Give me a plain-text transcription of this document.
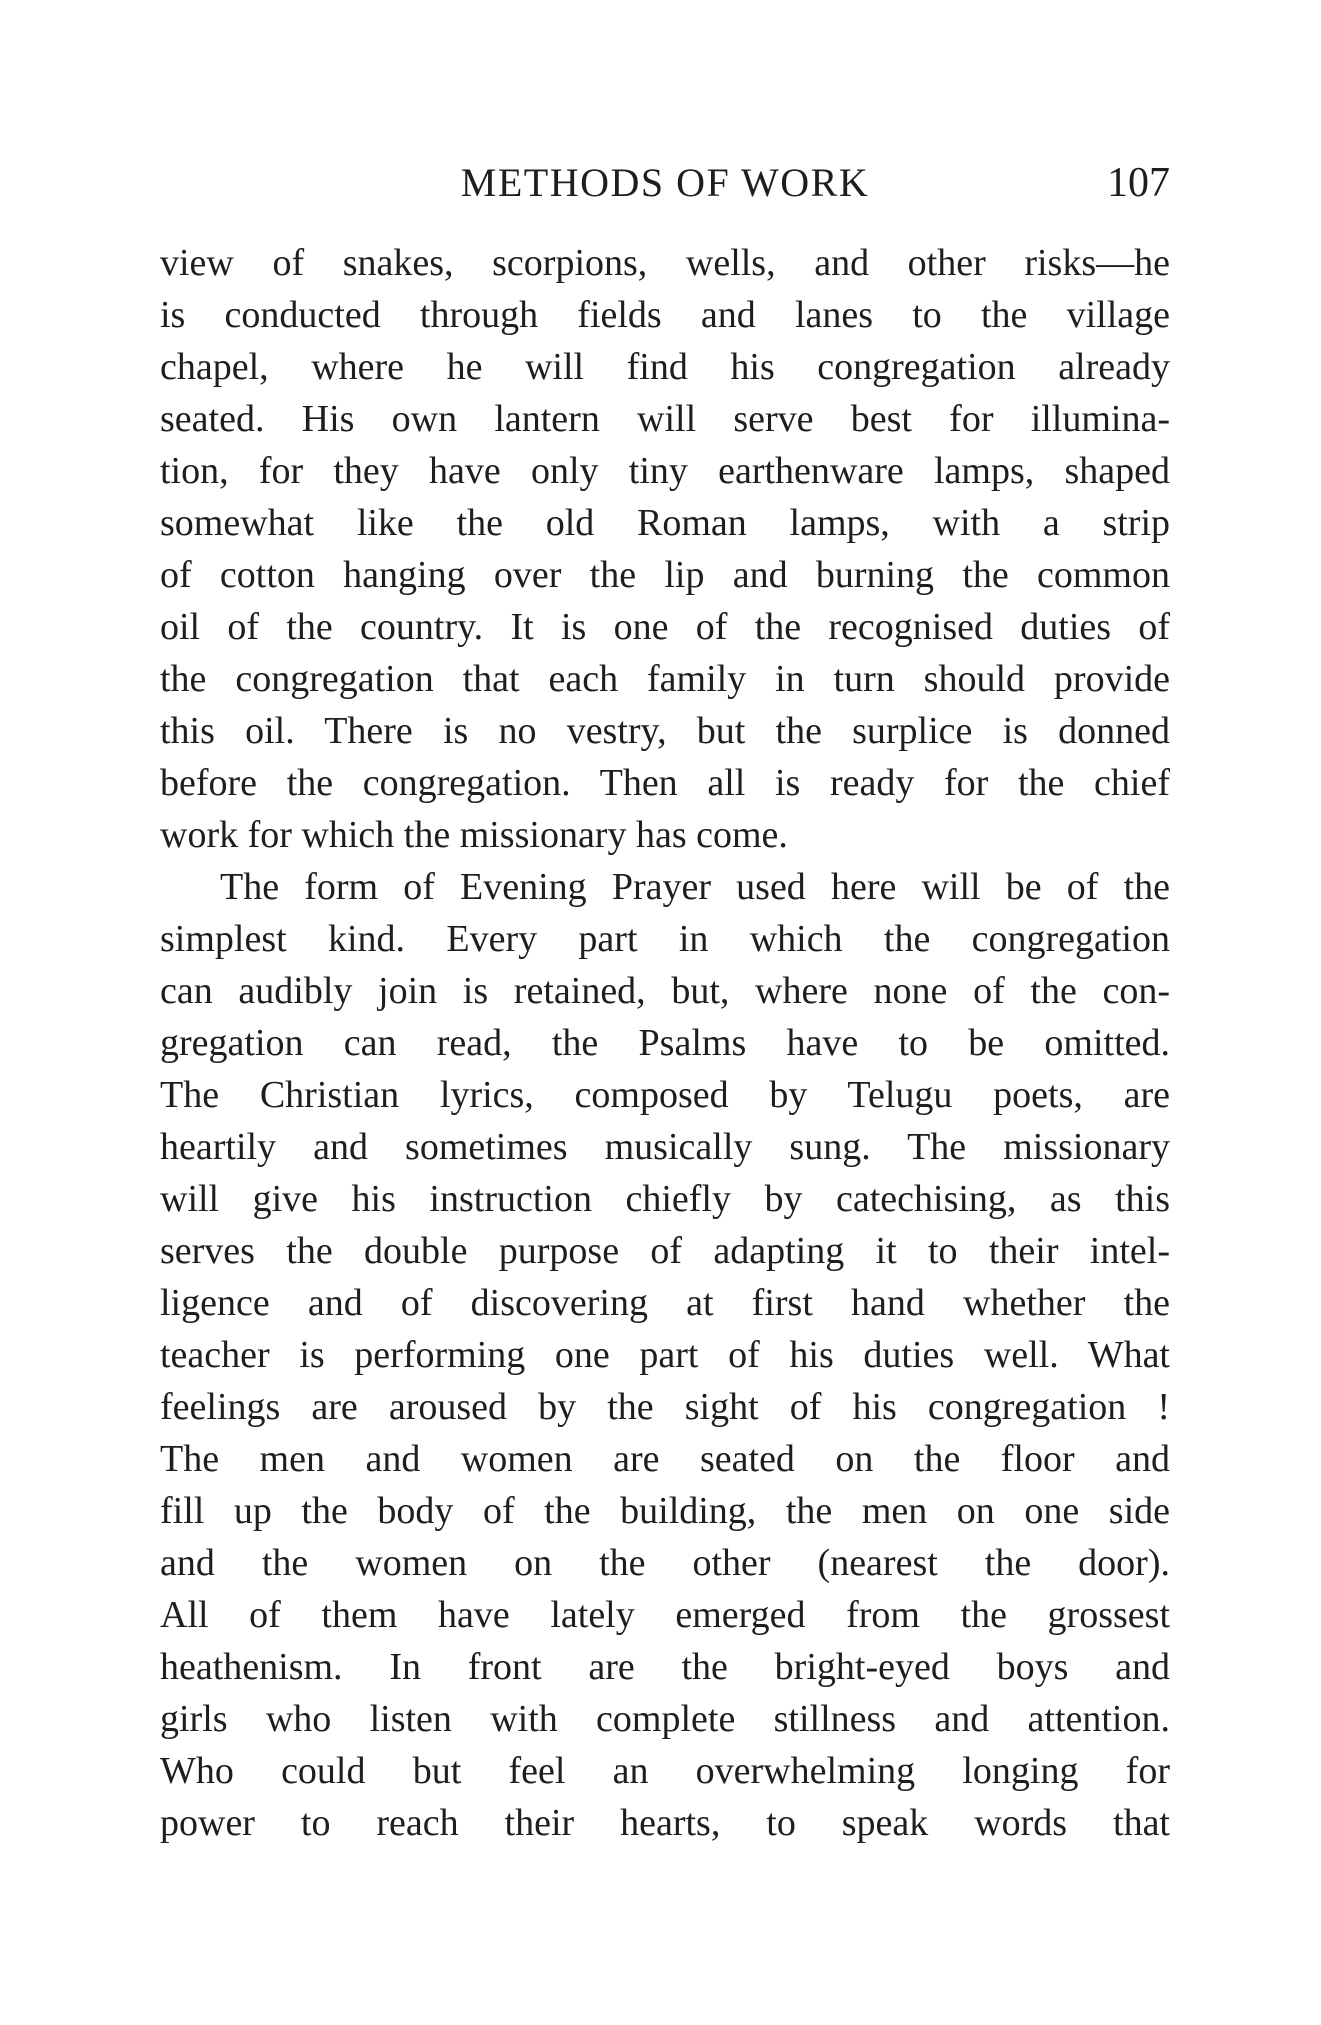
METHODS OF WORK	107
view of snakes, scorpions, wells, and other risks—he
is conducted through fields and lanes to the village
chapel, where he will find his congregation already
seated. His own lantern will serve best for illumina-
tion, for they have only tiny earthenware lamps, shaped
somewhat like the old Roman lamps, with a strip
of cotton hanging over the lip and burning the common
oil of the country. It is one of the recognised duties of
the congregation that each family in turn should provide
this oil. There is no vestry, but the surplice is donned
before the congregation. Then all is ready for the chief
work for which the missionary has come.
The form of Evening Prayer used here will be of the
simplest kind. Every part in which the congregation
can audibly join is retained, but, where none of the con-
gregation can read, the Psalms have to be omitted.
The Christian lyrics, composed by Telugu poets, are
heartily and sometimes musically sung. The missionary
will give his instruction chiefly by catechising, as this
serves the double purpose of adapting it to their intel-
ligence and of discovering at first hand whether the
teacher is performing one part of his duties well. What
feelings are aroused by the sight of his congregation !
The men and women are seated on the floor and
fill up the body of the building, the men on one side
and the women on the other (nearest the door).
All of them have lately emerged from the grossest
heathenism. In front are the bright-eyed boys and
girls who listen with complete stillness and attention.
Who could but feel an overwhelming longing for
power to reach their hearts, to speak words that
